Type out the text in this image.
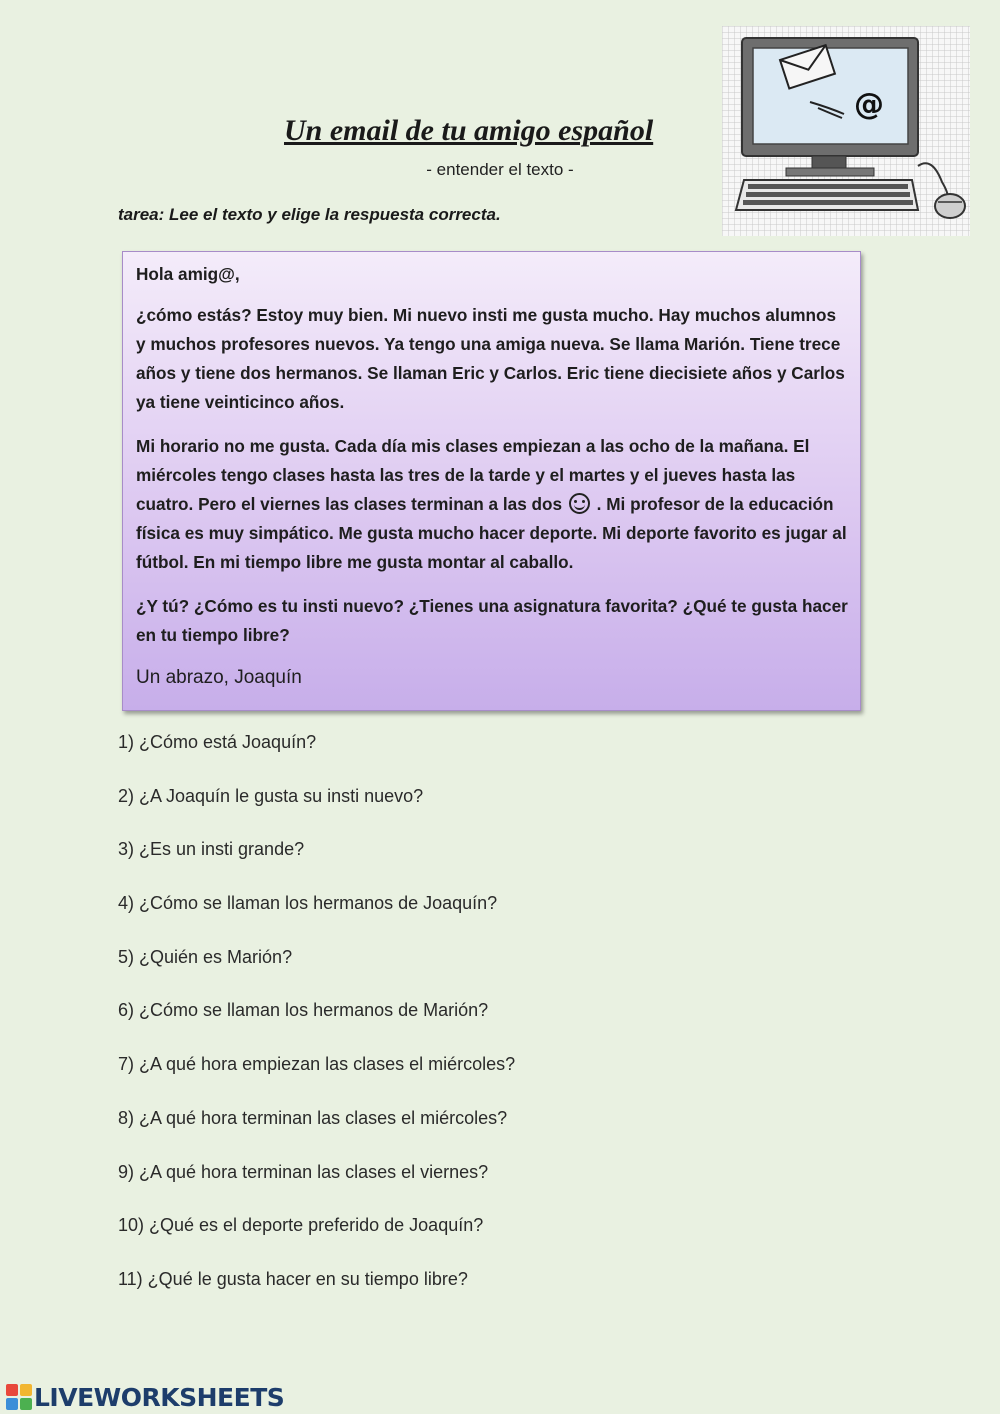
@
Un email de tu amigo español
- entender el texto -
tarea: Lee el texto y elige la respuesta correcta.

Hola amig@,

¿cómo estás? Estoy muy bien. Mi nuevo insti me gusta mucho. Hay muchos alumnos y muchos profesores nuevos. Ya tengo una amiga nueva. Se llama Marión. Tiene trece años y tiene dos hermanos. Se llaman Eric y Carlos. Eric tiene diecisiete años y Carlos ya tiene veinticinco años.

Mi horario no me gusta. Cada día mis clases empiezan a las ocho de la mañana. El miércoles tengo clases hasta las tres de la tarde y el martes y el jueves hasta las cuatro. Pero el viernes las clases terminan a las dos . Mi profesor de la educación física es muy simpático. Me gusta mucho hacer deporte. Mi deporte favorito es jugar al fútbol. En mi tiempo libre me gusta montar al caballo.

¿Y tú? ¿Cómo es tu insti nuevo? ¿Tienes una asignatura favorita? ¿Qué te gusta hacer en tu tiempo libre?

Un abrazo, Joaquín

1) ¿Cómo está Joaquín?
2) ¿A Joaquín le gusta su insti nuevo?
3) ¿Es un insti grande?
4) ¿Cómo se llaman los hermanos de Joaquín?
5) ¿Quién es Marión?
6) ¿Cómo se llaman los hermanos de Marión?
7) ¿A qué hora empiezan las clases el miércoles?
8) ¿A qué hora terminan las clases el miércoles?
9) ¿A qué hora terminan las clases el viernes?
10) ¿Qué es el deporte preferido de Joaquín?
11) ¿Qué le gusta hacer en su tiempo libre?
LIVEWORKSHEETS
